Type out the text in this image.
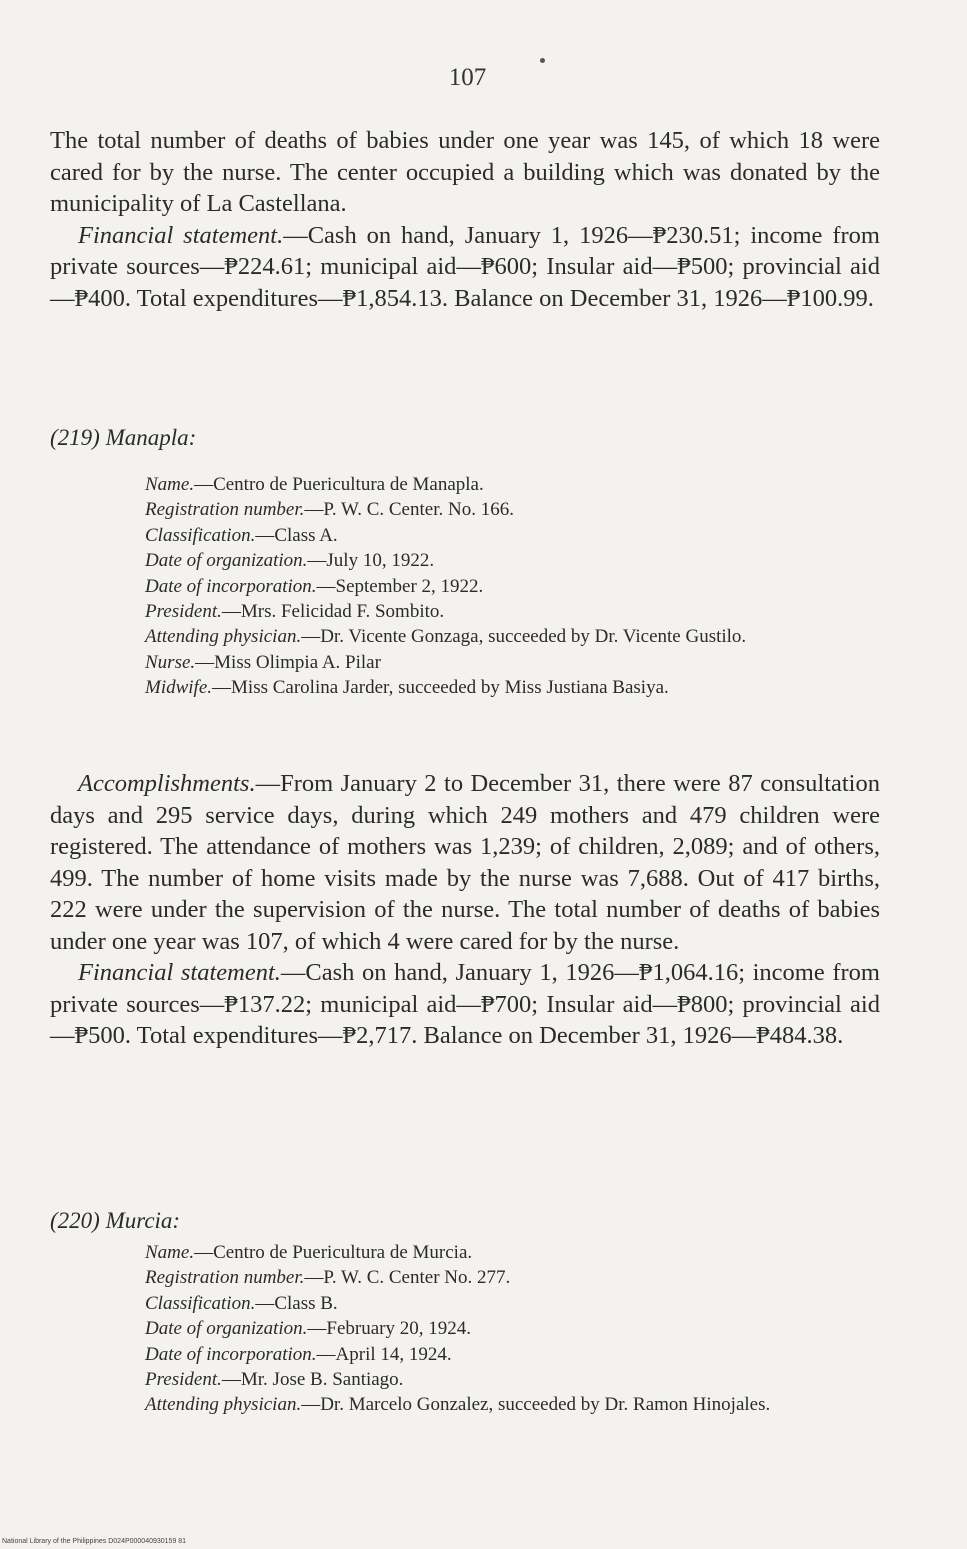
107

The total number of deaths of babies under one year was 145, of which 18 were cared for by the nurse. The center occupied a building which was donated by the municipality of La Castellana.

Financial statement.—Cash on hand, January 1, 1926—₱230.51; income from private sources—₱224.61; municipal aid—₱600; Insular aid—₱500; provincial aid—₱400. Total expenditures—₱1,854.13. Balance on December 31, 1926—₱100.99.

(219) Manapla:

Name.—Centro de Puericultura de Manapla.

Registration number.—P. W. C. Center. No. 166.

Classification.—Class A.

Date of organization.—July 10, 1922.

Date of incorporation.—September 2, 1922.

President.—Mrs. Felicidad F. Sombito.

Attending physician.—Dr. Vicente Gonzaga, succeeded by Dr. Vicente Gustilo.

Nurse.—Miss Olimpia A. Pilar

Midwife.—Miss Carolina Jarder, succeeded by Miss Justiana Basiya.

Accomplishments.—From January 2 to December 31, there were 87 consultation days and 295 service days, during which 249 mothers and 479 children were registered. The attendance of mothers was 1,239; of children, 2,089; and of others, 499. The number of home visits made by the nurse was 7,688. Out of 417 births, 222 were under the supervision of the nurse. The total number of deaths of babies under one year was 107, of which 4 were cared for by the nurse.

Financial statement.—Cash on hand, January 1, 1926—₱1,064.16; income from private sources—₱137.22; municipal aid—₱700; Insular aid—₱800; provincial aid—₱500. Total expenditures—₱2,717. Balance on December 31, 1926—₱484.38.

(220) Murcia:

Name.—Centro de Puericultura de Murcia.

Registration number.—P. W. C. Center No. 277.

Classification.—Class B.

Date of organization.—February 20, 1924.

Date of incorporation.—April 14, 1924.

President.—Mr. Jose B. Santiago.

Attending physician.—Dr. Marcelo Gonzalez, succeeded by Dr. Ramon Hinojales.

National Library of the Philippines D024P000040930159 81
